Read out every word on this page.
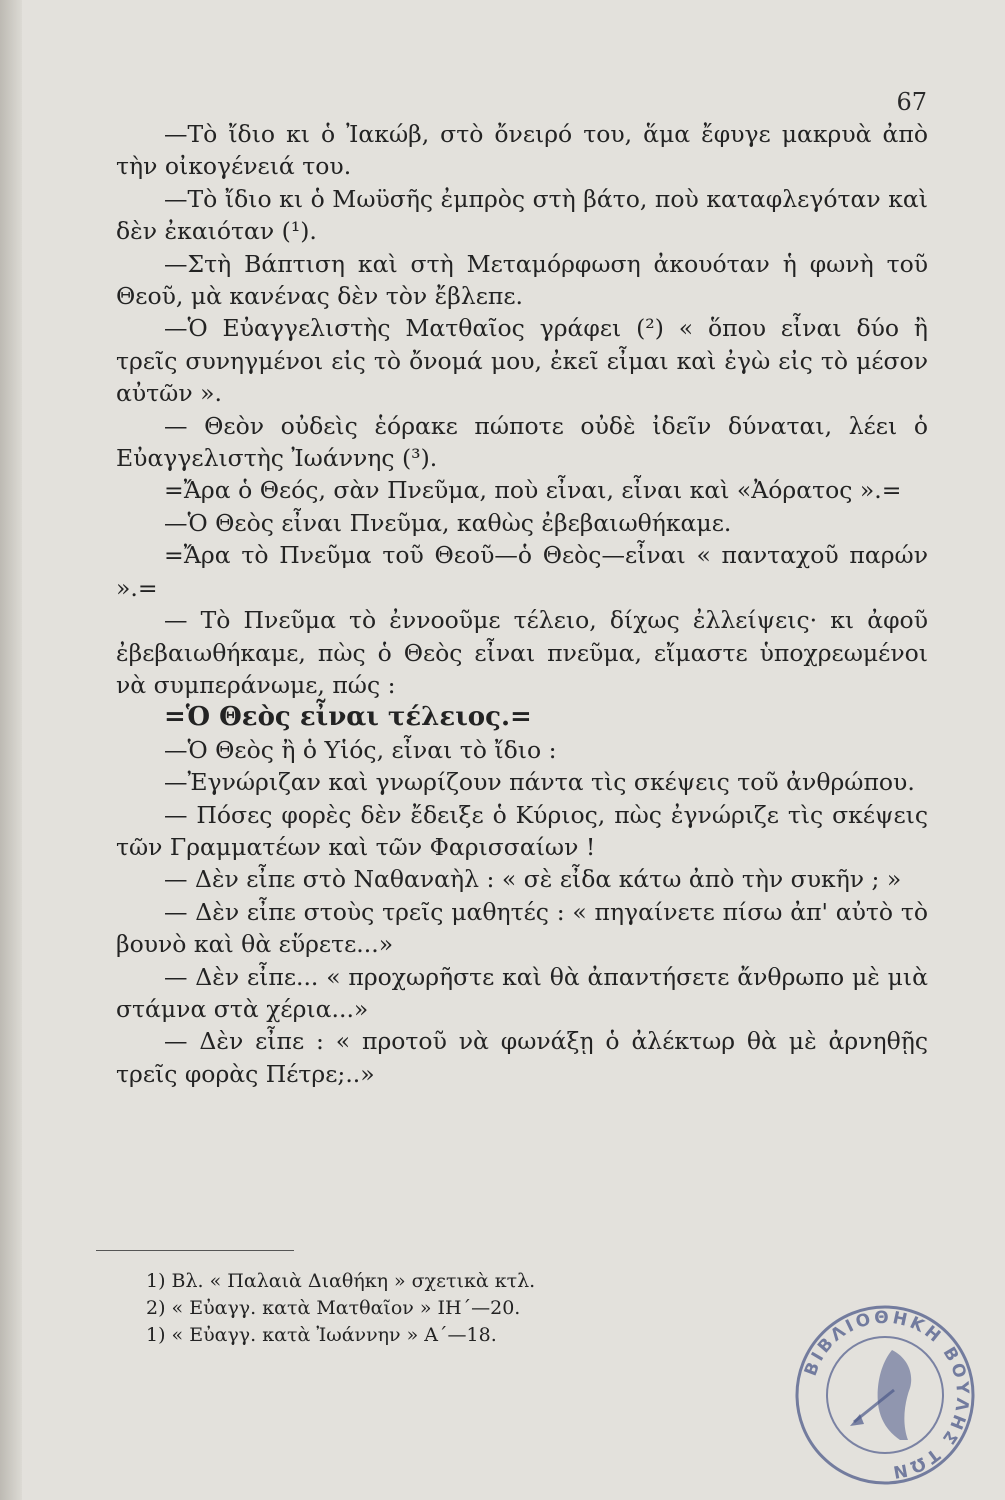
67

—Τὸ ἴδιο κι ὁ Ἰακώβ, στὸ ὄνειρό του, ἅμα ἔφυγε μακρυὰ ἀπὸ τὴν οἰκογένειά του.

—Τὸ ἴδιο κι ὁ Μωϋσῆς ἐμπρὸς στὴ βάτο, ποὺ καταφλεγόταν καὶ δὲν ἐκαιόταν (¹).

—Στὴ Βάπτιση καὶ στὴ Μεταμόρφωση ἀκουόταν ἡ φωνὴ τοῦ Θεοῦ, μὰ κανένας δὲν τὸν ἔβλεπε.

—Ὁ Εὐαγγελιστὴς Ματθαῖος γράφει (²) « ὅπου εἶναι δύο ἢ τρεῖς συνηγμένοι εἰς τὸ ὄνομά μου, ἐκεῖ εἶμαι καὶ ἐγὼ εἰς τὸ μέσον αὐτῶν ».

— Θεὸν οὐδεὶς ἑόρακε πώποτε οὐδὲ ἰδεῖν δύναται, λέει ὁ Εὐαγγελιστὴς Ἰωάννης (³).

=Ἄρα ὁ Θεός, σὰν Πνεῦμα, ποὺ εἶναι, εἶναι καὶ «Ἀόρατος ».=

—Ὁ Θεὸς εἶναι Πνεῦμα, καθὼς ἐβεβαιωθήκαμε.

=Ἄρα τὸ Πνεῦμα τοῦ Θεοῦ—ὁ Θεὸς—εἶναι « πανταχοῦ παρών ».=

— Τὸ Πνεῦμα τὸ ἐννοοῦμε τέλειο, δίχως ἐλλείψεις· κι ἀφοῦ ἐβεβαιωθήκαμε, πὼς ὁ Θεὸς εἶναι πνεῦμα, εἴμαστε ὑποχρεωμένοι νὰ συμπεράνωμε, πώς :

=Ὁ Θεὸς εἶναι τέλειος.=

—Ὁ Θεὸς ἢ ὁ Υἱός, εἶναι τὸ ἴδιο :

—Ἐγνώριζαν καὶ γνωρίζουν πάντα τὶς σκέψεις τοῦ ἀνθρώπου.

— Πόσες φορὲς δὲν ἔδειξε ὁ Κύριος, πὼς ἐγνώριζε τὶς σκέψεις τῶν Γραμματέων καὶ τῶν Φαρισσαίων !

— Δὲν εἶπε στὸ Ναθαναὴλ : « σὲ εἶδα κάτω ἀπὸ τὴν συκῆν ; »

— Δὲν εἶπε στοὺς τρεῖς μαθητές : « πηγαίνετε πίσω ἀπ' αὐτὸ τὸ βουνὸ καὶ θὰ εὕρετε...»

— Δὲν εἶπε... « προχωρῆστε καὶ θὰ ἀπαντήσετε ἄνθρωπο μὲ μιὰ στάμνα στὰ χέρια...»

— Δὲν εἶπε : « προτοῦ νὰ φωνάξῃ ὁ ἀλέκτωρ θὰ μὲ ἀρνηθῇς τρεῖς φορὰς Πέτρε;..»

1) Βλ. « Παλαιὰ Διαθήκη » σχετικὰ κτλ.
2) « Εὐαγγ. κατὰ Ματθαῖον » ΙΗ΄—20.
1) « Εὐαγγ. κατὰ Ἰωάννην » Α΄—18.
ΒΙΒΛΙΟΘΗΚΗ ΒΟΥΛΗΣ ΤΩΝ
